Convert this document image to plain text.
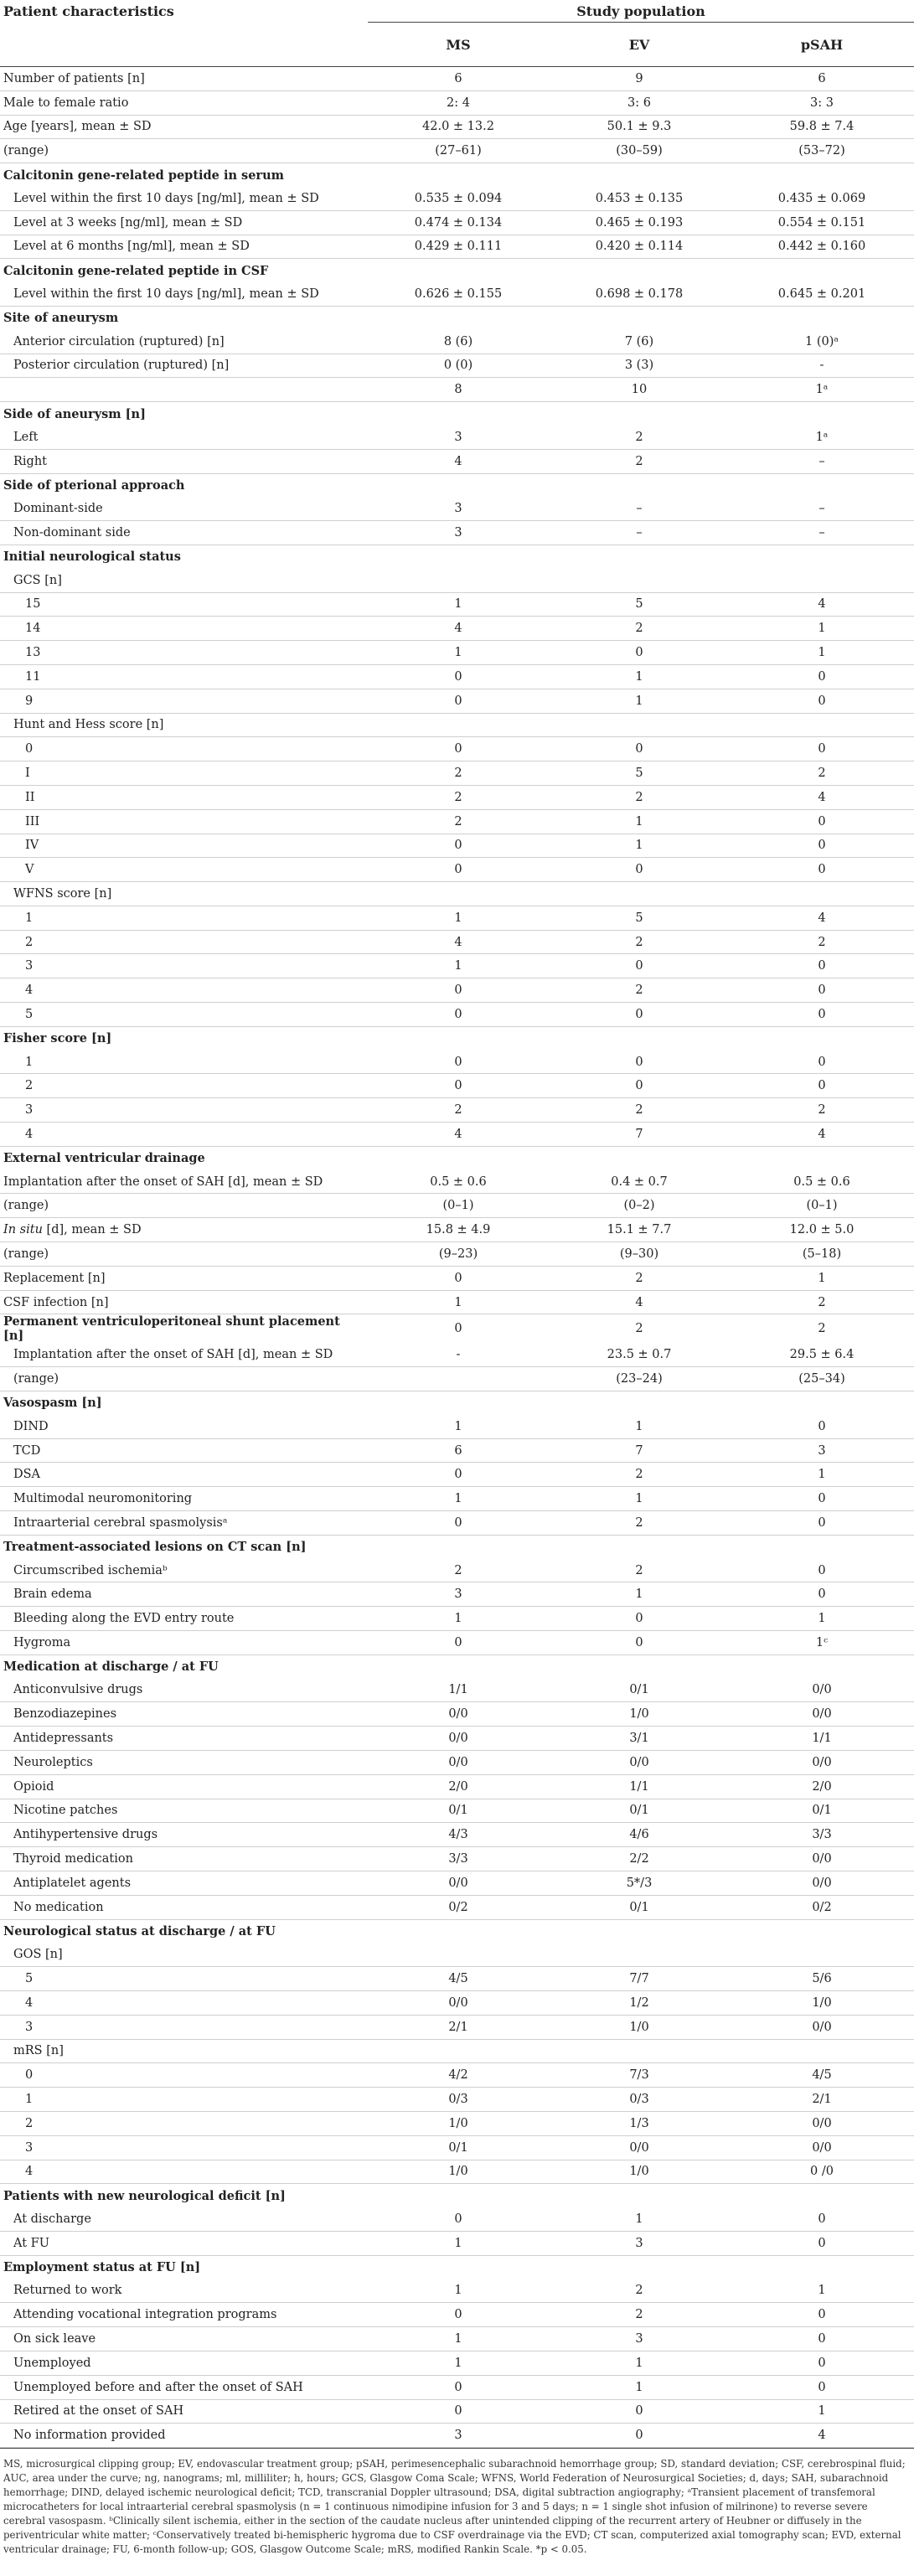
Patient characteristics	Study population		
	MS	EV	pSAH
Number of patients [n]	6	9	6
Male to female ratio	2: 4	3: 6	3: 3
Age [years], mean ± SD	42.0 ± 13.2	50.1 ± 9.3	59.8 ± 7.4
(range)	(27–61)	(30–59)	(53–72)
Calcitonin gene-related peptide in serum			
Level within the first 10 days [ng/ml], mean ± SD	0.535 ± 0.094	0.453 ± 0.135	0.435 ± 0.069
Level at 3 weeks [ng/ml], mean ± SD	0.474 ± 0.134	0.465 ± 0.193	0.554 ± 0.151
Level at 6 months [ng/ml], mean ± SD	0.429 ± 0.111	0.420 ± 0.114	0.442 ± 0.160
Calcitonin gene-related peptide in CSF			
Level within the first 10 days [ng/ml], mean ± SD	0.626 ± 0.155	0.698 ± 0.178	0.645 ± 0.201
Site of aneurysm			
Anterior circulation (ruptured) [n]	8 (6)	7 (6)	1 (0)ᵃ
Posterior circulation (ruptured) [n]	0 (0)	3 (3)	-
	8	10	1ᵃ
Side of aneurysm [n]			
Left	3	2	1ᵃ
Right	4	2	–
Side of pterional approach			
Dominant-side	3	–	–
Non-dominant side	3	–	–
Initial neurological status			
GCS [n]			
15	1	5	4
14	4	2	1
13	1	0	1
11	0	1	0
9	0	1	0
Hunt and Hess score [n]			
0	0	0	0
I	2	5	2
II	2	2	4
III	2	1	0
IV	0	1	0
V	0	0	0
WFNS score [n]			
1	1	5	4
2	4	2	2
3	1	0	0
4	0	2	0
5	0	0	0
Fisher score [n]			
1	0	0	0
2	0	0	0
3	2	2	2
4	4	7	4
External ventricular drainage			
Implantation after the onset of SAH [d], mean ± SD	0.5 ± 0.6	0.4 ± 0.7	0.5 ± 0.6
(range)	(0–1)	(0–2)	(0–1)
In situ [d], mean ± SD	15.8 ± 4.9	15.1 ± 7.7	12.0 ± 5.0
(range)	(9–23)	(9–30)	(5–18)
Replacement [n]	0	2	1
CSF infection [n]	1	4	2
Permanent ventriculoperitoneal shunt placement [n]	0	2	2
Implantation after the onset of SAH [d], mean ± SD	-	23.5 ± 0.7	29.5 ± 6.4
(range)		(23–24)	(25–34)
Vasospasm [n]			
DIND	1	1	0
TCD	6	7	3
DSA	0	2	1
Multimodal neuromonitoring	1	1	0
Intraarterial cerebral spasmolysisᵃ	0	2	0
Treatment-associated lesions on CT scan [n]			
Circumscribed ischemiaᵇ	2	2	0
Brain edema	3	1	0
Bleeding along the EVD entry route	1	0	1
Hygroma	0	0	1ᶜ
Medication at discharge / at FU			
Anticonvulsive drugs	1/1	0/1	0/0
Benzodiazepines	0/0	1/0	0/0
Antidepressants	0/0	3/1	1/1
Neuroleptics	0/0	0/0	0/0
Opioid	2/0	1/1	2/0
Nicotine patches	0/1	0/1	0/1
Antihypertensive drugs	4/3	4/6	3/3
Thyroid medication	3/3	2/2	0/0
Antiplatelet agents	0/0	5*/3	0/0
No medication	0/2	0/1	0/2
Neurological status at discharge / at FU			
GOS [n]			
5	4/5	7/7	5/6
4	0/0	1/2	1/0
3	2/1	1/0	0/0
mRS [n]			
0	4/2	7/3	4/5
1	0/3	0/3	2/1
2	1/0	1/3	0/0
3	0/1	0/0	0/0
4	1/0	1/0	0 /0
Patients with new neurological deficit [n]			
At discharge	0	1	0
At FU	1	3	0
Employment status at FU [n]			
Returned to work	1	2	1
Attending vocational integration programs	0	2	0
On sick leave	1	3	0
Unemployed	1	1	0
Unemployed before and after the onset of SAH	0	1	0
Retired at the onset of SAH	0	0	1
No information provided	3	0	4
MS, microsurgical clipping group; EV, endovascular treatment group; pSAH, perimesencephalic subarachnoid hemorrhage group; SD, standard deviation; CSF, cerebrospinal fluid; AUC, area under the curve; ng, nanograms; ml, milliliter; h, hours; GCS, Glasgow Coma Scale; WFNS, World Federation of Neurosurgical Societies; d, days; SAH, subarachnoid hemorrhage; DIND, delayed ischemic neurological deficit; TCD, transcranial Doppler ultrasound; DSA, digital subtraction angiography; ᵃTransient placement of transfemoral microcatheters for local intraarterial cerebral spasmolysis (n = 1 continuous nimodipine infusion for 3 and 5 days; n = 1 single shot infusion of milrinone) to reverse severe cerebral vasospasm. ᵇClinically silent ischemia, either in the section of the caudate nucleus after unintended clipping of the recurrent artery of Heubner or diffusely in the periventricular white matter; ᶜConservatively treated bi-hemispheric hygroma due to CSF overdrainage via the EVD; CT scan, computerized axial tomography scan; EVD, external ventricular drainage; FU, 6-month follow-up; GOS, Glasgow Outcome Scale; mRS, modified Rankin Scale. *p < 0.05.
